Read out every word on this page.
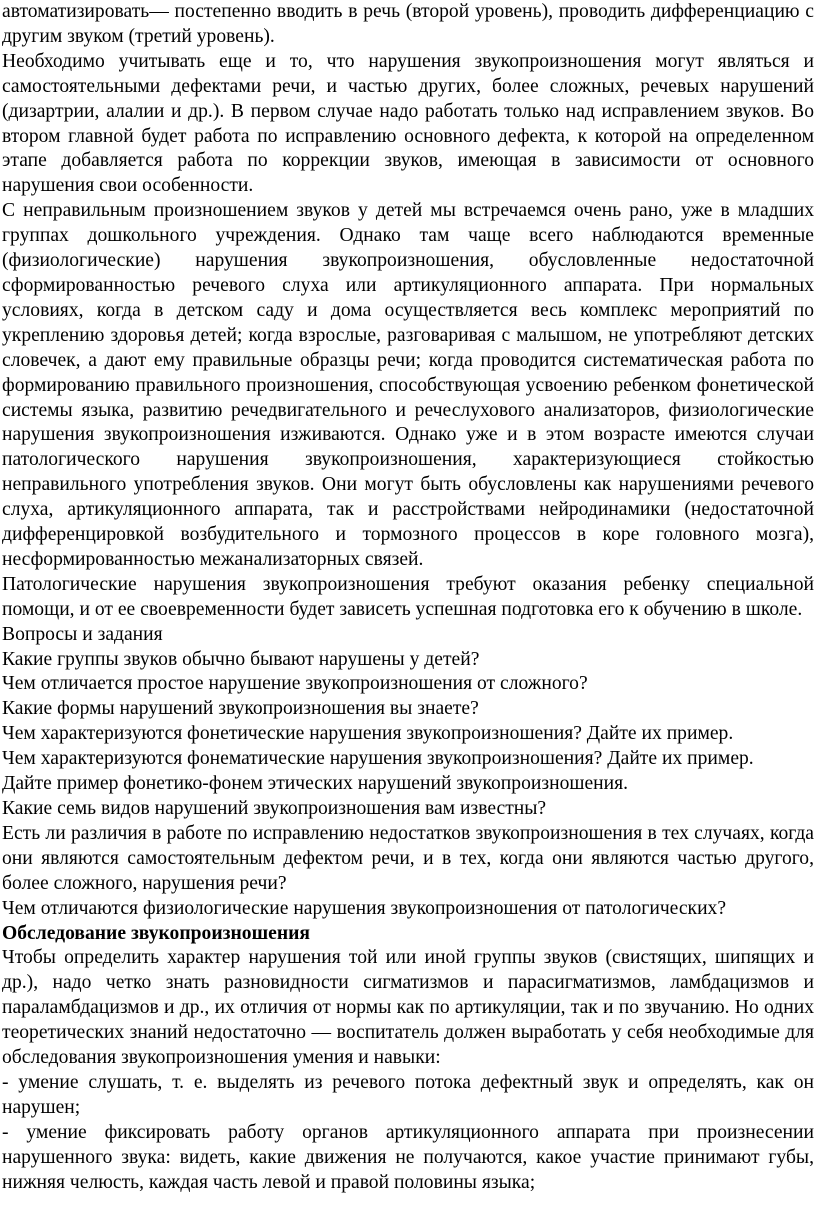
автоматизировать— постепенно вводить в речь (второй уровень), проводить дифференциацию с другим звуком (третий уровень).

Необходимо учитывать еще и то, что нарушения звукопроизношения могут являться и самостоятельными дефектами речи, и частью других, более сложных, речевых нарушений (дизартрии, алалии и др.). В первом случае надо работать только над исправлением звуков. Во втором главной будет работа по исправлению основного дефекта, к которой на определенном этапе добавляется работа по коррекции звуков, имеющая в зависимости от основного нарушения свои особенности.

С неправильным произношением звуков у детей мы встречаемся очень рано, уже в младших группах дошкольного учреждения. Однако там чаще всего наблюдаются временные (физиологические) нарушения звукопроизношения, обусловленные недостаточной сформированностью речевого слуха или артикуляционного аппарата. При нормальных условиях, когда в детском саду и дома осуществляется весь комплекс мероприятий по укреплению здоровья детей; когда взрослые, разговаривая с малышом, не употребляют детских словечек, а дают ему правильные образцы речи; когда проводится систематическая работа по формированию правильного произношения, способствующая усвоению ребенком фонетической системы языка, развитию речедвигательного и речеслухового анализаторов, физиологические нарушения звукопроизношения изживаются. Однако уже и в этом возрасте имеются случаи патологического нарушения звукопроизношения, характеризующиеся стойкостью неправильного употребления звуков. Они могут быть обусловлены как нарушениями речевого слуха, артикуляционного аппарата, так и расстройствами нейродинамики (недостаточной дифференцировкой возбудительного и тормозного процессов в коре головного мозга), несформированностью межанализаторных связей.

Патологические нарушения звукопроизношения требуют оказания ребенку специальной помощи, и от ее своевременности будет зависеть успешная подготовка его к обучению в школе.

Вопросы и задания

Какие группы звуков обычно бывают нарушены у детей?

Чем отличается простое нарушение звукопроизношения от сложного?

Какие формы нарушений звукопроизношения вы знаете?

Чем характеризуются фонетические нарушения звукопроизношения? Дайте их пример.

Чем характеризуются фонематические нарушения звукопроизношения? Дайте их пример.

Дайте пример фонетико-фонем этических нарушений звукопроизношения.

Какие семь видов нарушений звукопроизношения вам известны?

Есть ли различия в работе по исправлению недостатков звукопроизношения в тех случаях, когда они являются самостоятельным дефектом речи, и в тех, когда они являются частью другого, более сложного, нарушения речи?

Чем отличаются физиологические нарушения звукопроизношения от патологических?

Обследование звукопроизношения

Чтобы определить характер нарушения той или иной группы звуков (свистящих, шипящих и др.), надо четко знать разновидности сигматизмов и парасигматизмов, ламбдацизмов и параламбдацизмов и др., их отличия от нормы как по артикуляции, так и по звучанию. Но одних теоретических знаний недостаточно — воспитатель должен выработать у себя необходимые для обследования звукопроизношения умения и навыки:

- умение слушать, т. е. выделять из речевого потока дефектный звук и определять, как он нарушен;

- умение фиксировать работу органов артикуляционного аппарата при произнесении нарушенного звука: видеть, какие движения не получаются, какое участие принимают губы, нижняя челюсть, каждая часть левой и правой половины языка;
